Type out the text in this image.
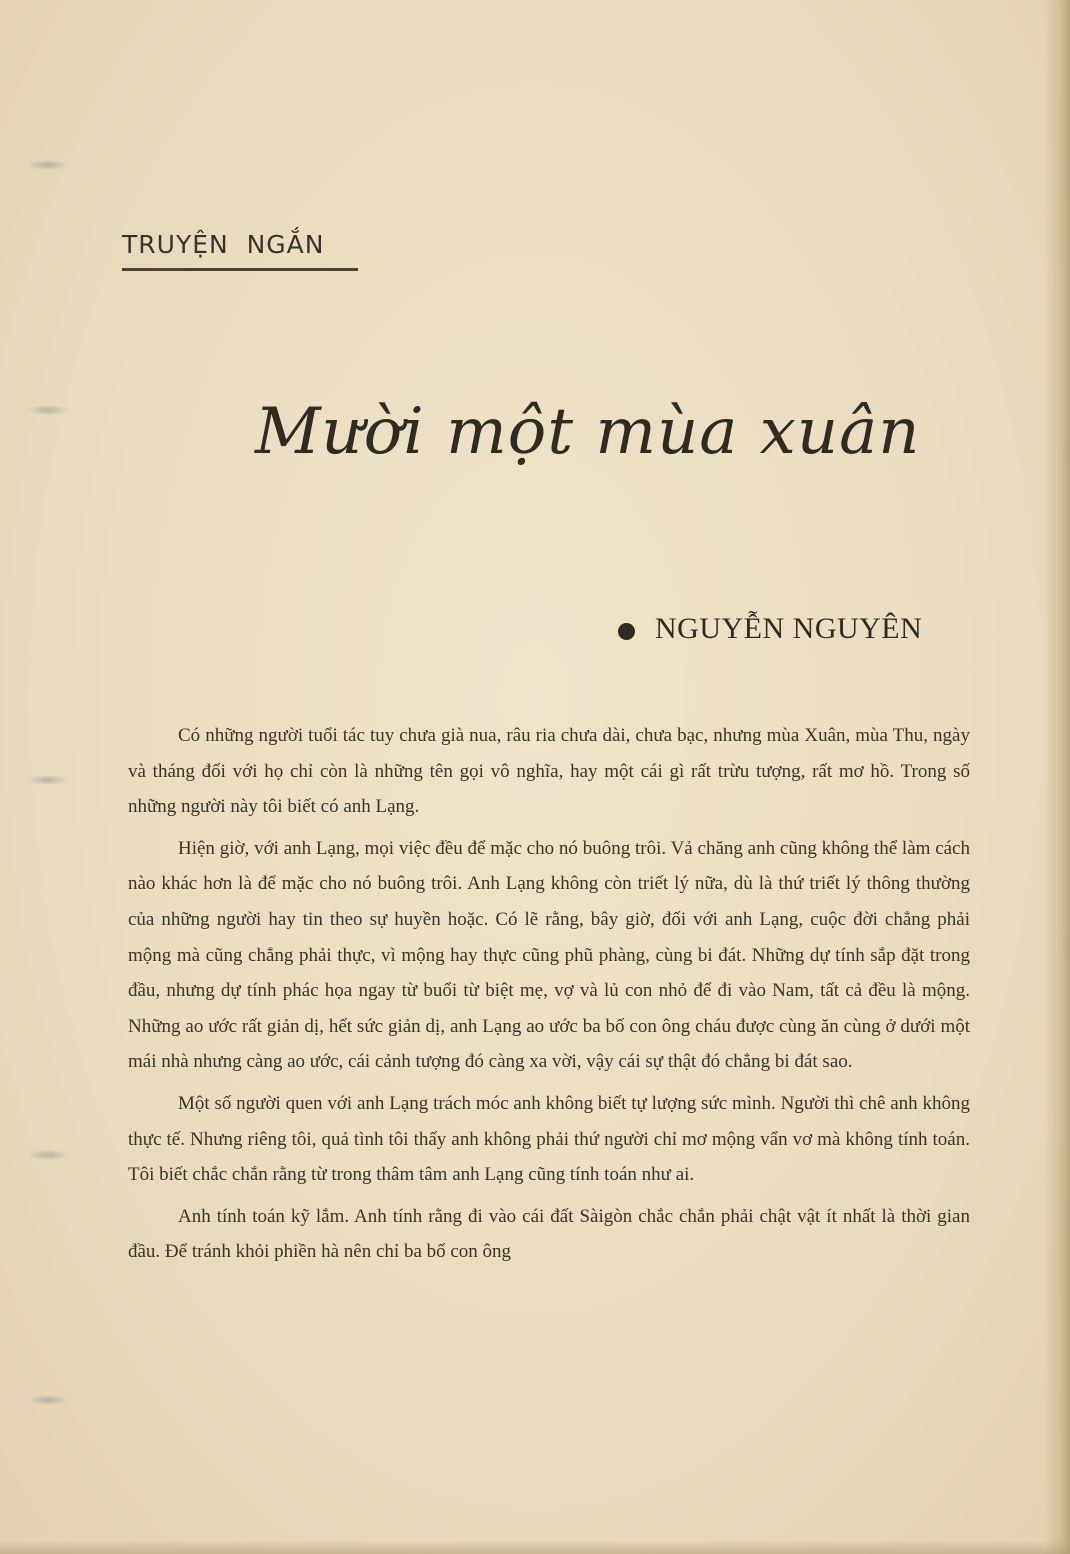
TRUYỆN  NGẮN
Mười một mùa xuân
NGUYỄN NGUYÊN

Có những người tuổi tác tuy chưa già nua, râu ria chưa dài, chưa bạc, nhưng mùa Xuân, mùa Thu, ngày và tháng đối với họ chỉ còn là những tên gọi vô nghĩa, hay một cái gì rất trừu tượng, rất mơ hồ. Trong số những người này tôi biết có anh Lạng.

Hiện giờ, với anh Lạng, mọi việc đều để mặc cho nó buông trôi. Vả chăng anh cũng không thể làm cách nào khác hơn là để mặc cho nó buông trôi. Anh Lạng không còn triết lý nữa, dù là thứ triết lý thông thường của những người hay tin theo sự huyền hoặc. Có lẽ rằng, bây giờ, đối với anh Lạng, cuộc đời chẳng phải mộng mà cũng chẳng phải thực, vì mộng hay thực cũng phũ phàng, cùng bi đát. Những dự tính sắp đặt trong đầu, nhưng dự tính phác họa ngay từ buổi từ biệt mẹ, vợ và lủ con nhỏ để đi vào Nam, tất cả đều là mộng. Những ao ước rất giản dị, hết sức giản dị, anh Lạng ao ước ba bố con ông cháu được cùng ăn cùng ở dưới một mái nhà nhưng càng ao ước, cái cảnh tượng đó càng xa vời, vậy cái sự thật đó chẳng bi đát sao.

Một số người quen với anh Lạng trách móc anh không biết tự lượng sức mình. Người thì chê anh không thực tế. Nhưng riêng tôi, quả tình tôi thấy anh không phải thứ người chỉ mơ mộng vẩn vơ mà không tính toán. Tôi biết chắc chắn rằng từ trong thâm tâm anh Lạng cũng tính toán như ai.

Anh tính toán kỹ lắm. Anh tính rằng đi vào cái đất Sàigòn chắc chắn phải chật vật ít nhất là thời gian đầu. Để tránh khỏi phiền hà nên chỉ ba bố con ông
